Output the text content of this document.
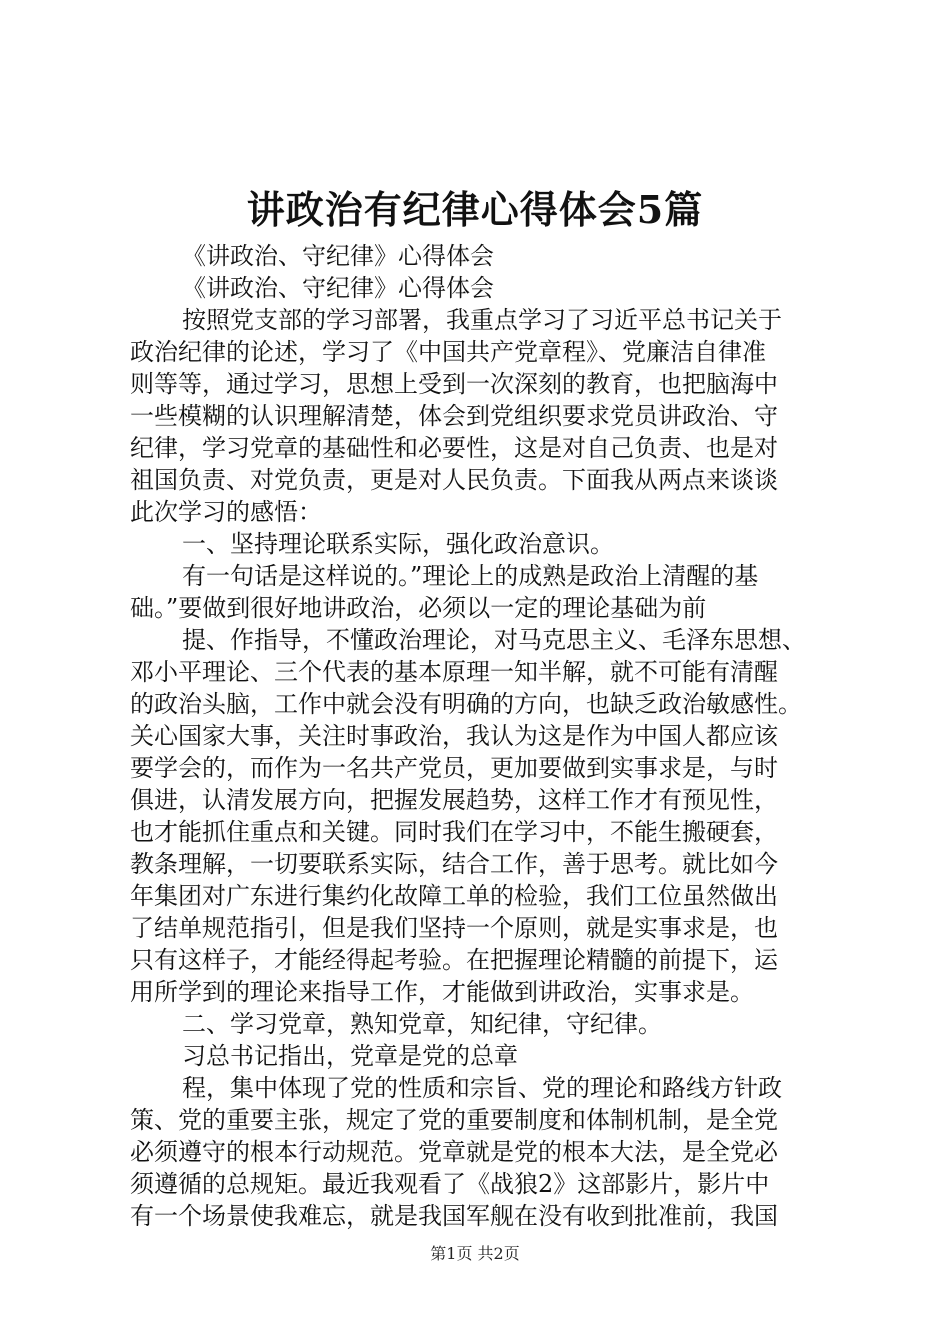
讲政治有纪律心得体会5篇
《讲政治、守纪律》心得体会
《讲政治、守纪律》心得体会
按照党支部的学习部署，我重点学习了习近平总书记关于
政治纪律的论述，学习了《中国共产党章程》、党廉洁自律准
则等等，通过学习，思想上受到一次深刻的教育，也把脑海中
一些模糊的认识理解清楚，体会到党组织要求党员讲政治、守
纪律，学习党章的基础性和必要性，这是对自己负责、也是对
祖国负责、对党负责，更是对人民负责。下面我从两点来谈谈
此次学习的感悟：
一、坚持理论联系实际，强化政治意识。
有一句话是这样说的。”理论上的成熟是政治上清醒的基
础。”要做到很好地讲政治，必须以一定的理论基础为前
提、作指导，不懂政治理论，对马克思主义、毛泽东思想、
邓小平理论、三个代表的基本原理一知半解，就不可能有清醒
的政治头脑，工作中就会没有明确的方向，也缺乏政治敏感性。
关心国家大事，关注时事政治，我认为这是作为中国人都应该
要学会的，而作为一名共产党员，更加要做到实事求是，与时
俱进，认清发展方向，把握发展趋势，这样工作才有预见性，
也才能抓住重点和关键。同时我们在学习中，不能生搬硬套，
教条理解，一切要联系实际，结合工作，善于思考。就比如今
年集团对广东进行集约化故障工单的检验，我们工位虽然做出
了结单规范指引，但是我们坚持一个原则，就是实事求是，也
只有这样子，才能经得起考验。在把握理论精髓的前提下，运
用所学到的理论来指导工作，才能做到讲政治，实事求是。
二、学习党章，熟知党章，知纪律，守纪律。
习总书记指出，党章是党的总章
程，集中体现了党的性质和宗旨、党的理论和路线方针政
策、党的重要主张，规定了党的重要制度和体制机制，是全党
必须遵守的根本行动规范。党章就是党的根本大法，是全党必
须遵循的总规矩。最近我观看了《战狼2》这部影片，影片中
有一个场景使我难忘，就是我国军舰在没有收到批准前，我国
第1页 共2页
